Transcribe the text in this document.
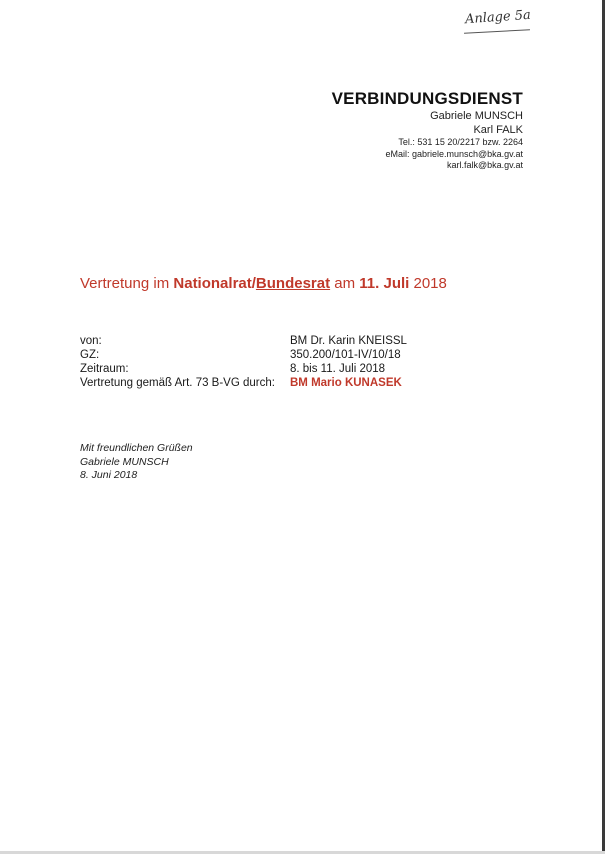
Anlage 5a
VERBINDUNGSDIENST
Gabriele MUNSCH
Karl FALK
Tel.: 531 15 20/2217 bzw. 2264
eMail: gabriele.munsch@bka.gv.at
karl.falk@bka.gv.at
Vertretung im Nationalrat/Bundesrat am 11. Juli 2018
von:	BM Dr. Karin KNEISSL
GZ:	350.200/101-IV/10/18
Zeitraum:	8. bis 11. Juli 2018
Vertretung gemäß Art. 73 B-VG durch: BM Mario KUNASEK
Mit freundlichen Grüßen
Gabriele MUNSCH
8. Juni 2018
